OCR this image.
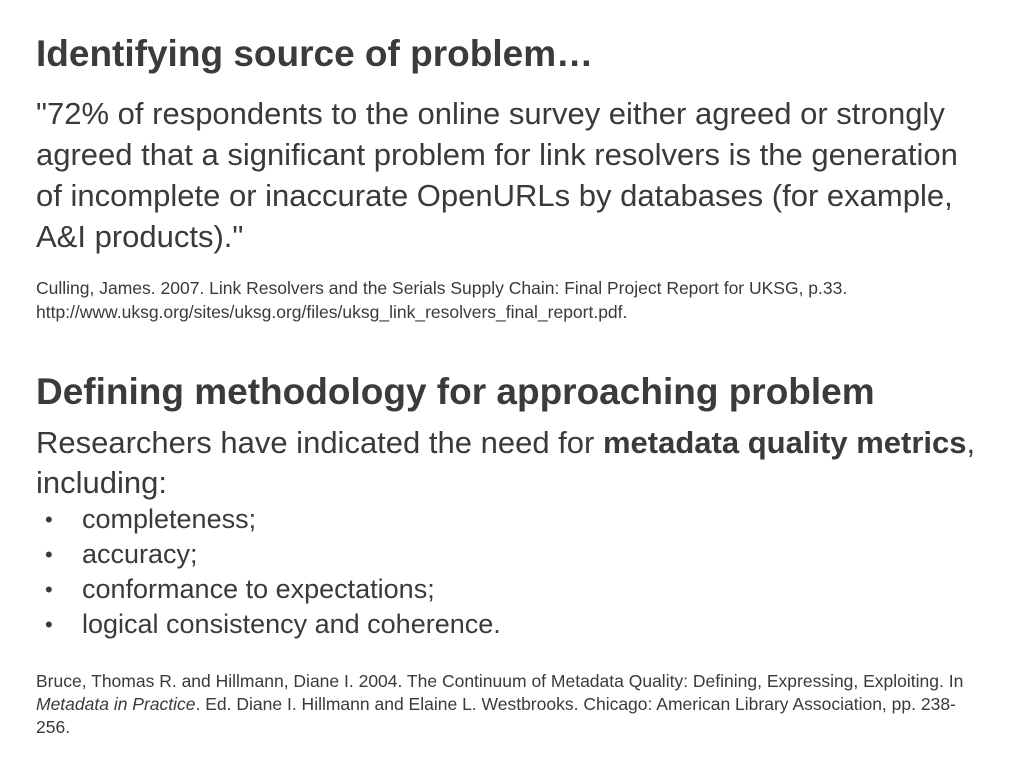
Identifying source of problem…

"72% of respondents to the online survey either agreed or strongly agreed that a significant problem for link resolvers is the generation of incomplete or inaccurate OpenURLs by databases (for example, A&I products)."

Culling, James. 2007. Link Resolvers and the Serials Supply Chain: Final Project Report for UKSG, p.33. http://www.uksg.org/sites/uksg.org/files/uksg_link_resolvers_final_report.pdf.

Defining methodology for approaching problem

Researchers have indicated the need for metadata quality metrics, including:

• completeness;
• accuracy;
• conformance to expectations;
• logical consistency and coherence.

Bruce, Thomas R. and Hillmann, Diane I. 2004. The Continuum of Metadata Quality: Defining, Expressing, Exploiting. In Metadata in Practice. Ed. Diane I. Hillmann and Elaine L. Westbrooks. Chicago: American Library Association, pp. 238-256.
